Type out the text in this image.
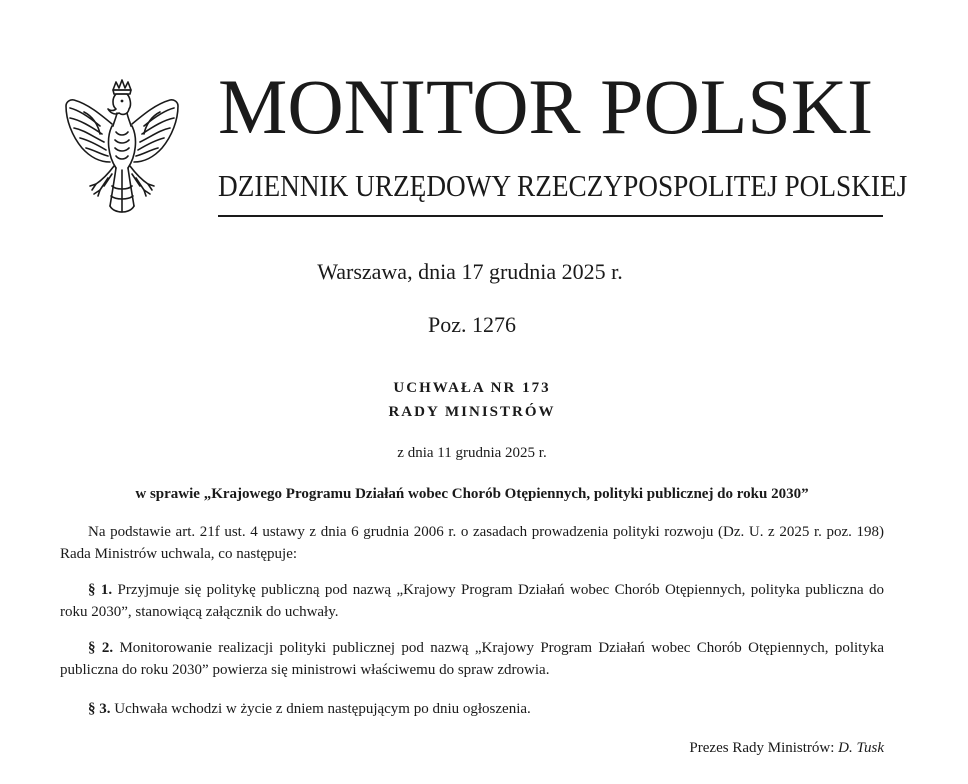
MONITOR POLSKI
DZIENNIK URZĘDOWY RZECZYPOSPOLITEJ POLSKIEJ
Warszawa, dnia 17 grudnia 2025 r.
Poz. 1276
UCHWAŁA NR 173
RADY MINISTRÓW
z dnia 11 grudnia 2025 r.
w sprawie „Krajowego Programu Działań wobec Chorób Otępiennych, polityki publicznej do roku 2030”
Na podstawie art. 21f ust. 4 ustawy z dnia 6 grudnia 2006 r. o zasadach prowadzenia polityki rozwoju (Dz. U. z 2025 r. poz. 198) Rada Ministrów uchwala, co następuje:
§ 1. Przyjmuje się politykę publiczną pod nazwą „Krajowy Program Działań wobec Chorób Otępiennych, polityka publiczna do roku 2030”, stanowiącą załącznik do uchwały.
§ 2. Monitorowanie realizacji polityki publicznej pod nazwą „Krajowy Program Działań wobec Chorób Otępiennych, polityka publiczna do roku 2030” powierza się ministrowi właściwemu do spraw zdrowia.
§ 3. Uchwała wchodzi w życie z dniem następującym po dniu ogłoszenia.
Prezes Rady Ministrów: D. Tusk
